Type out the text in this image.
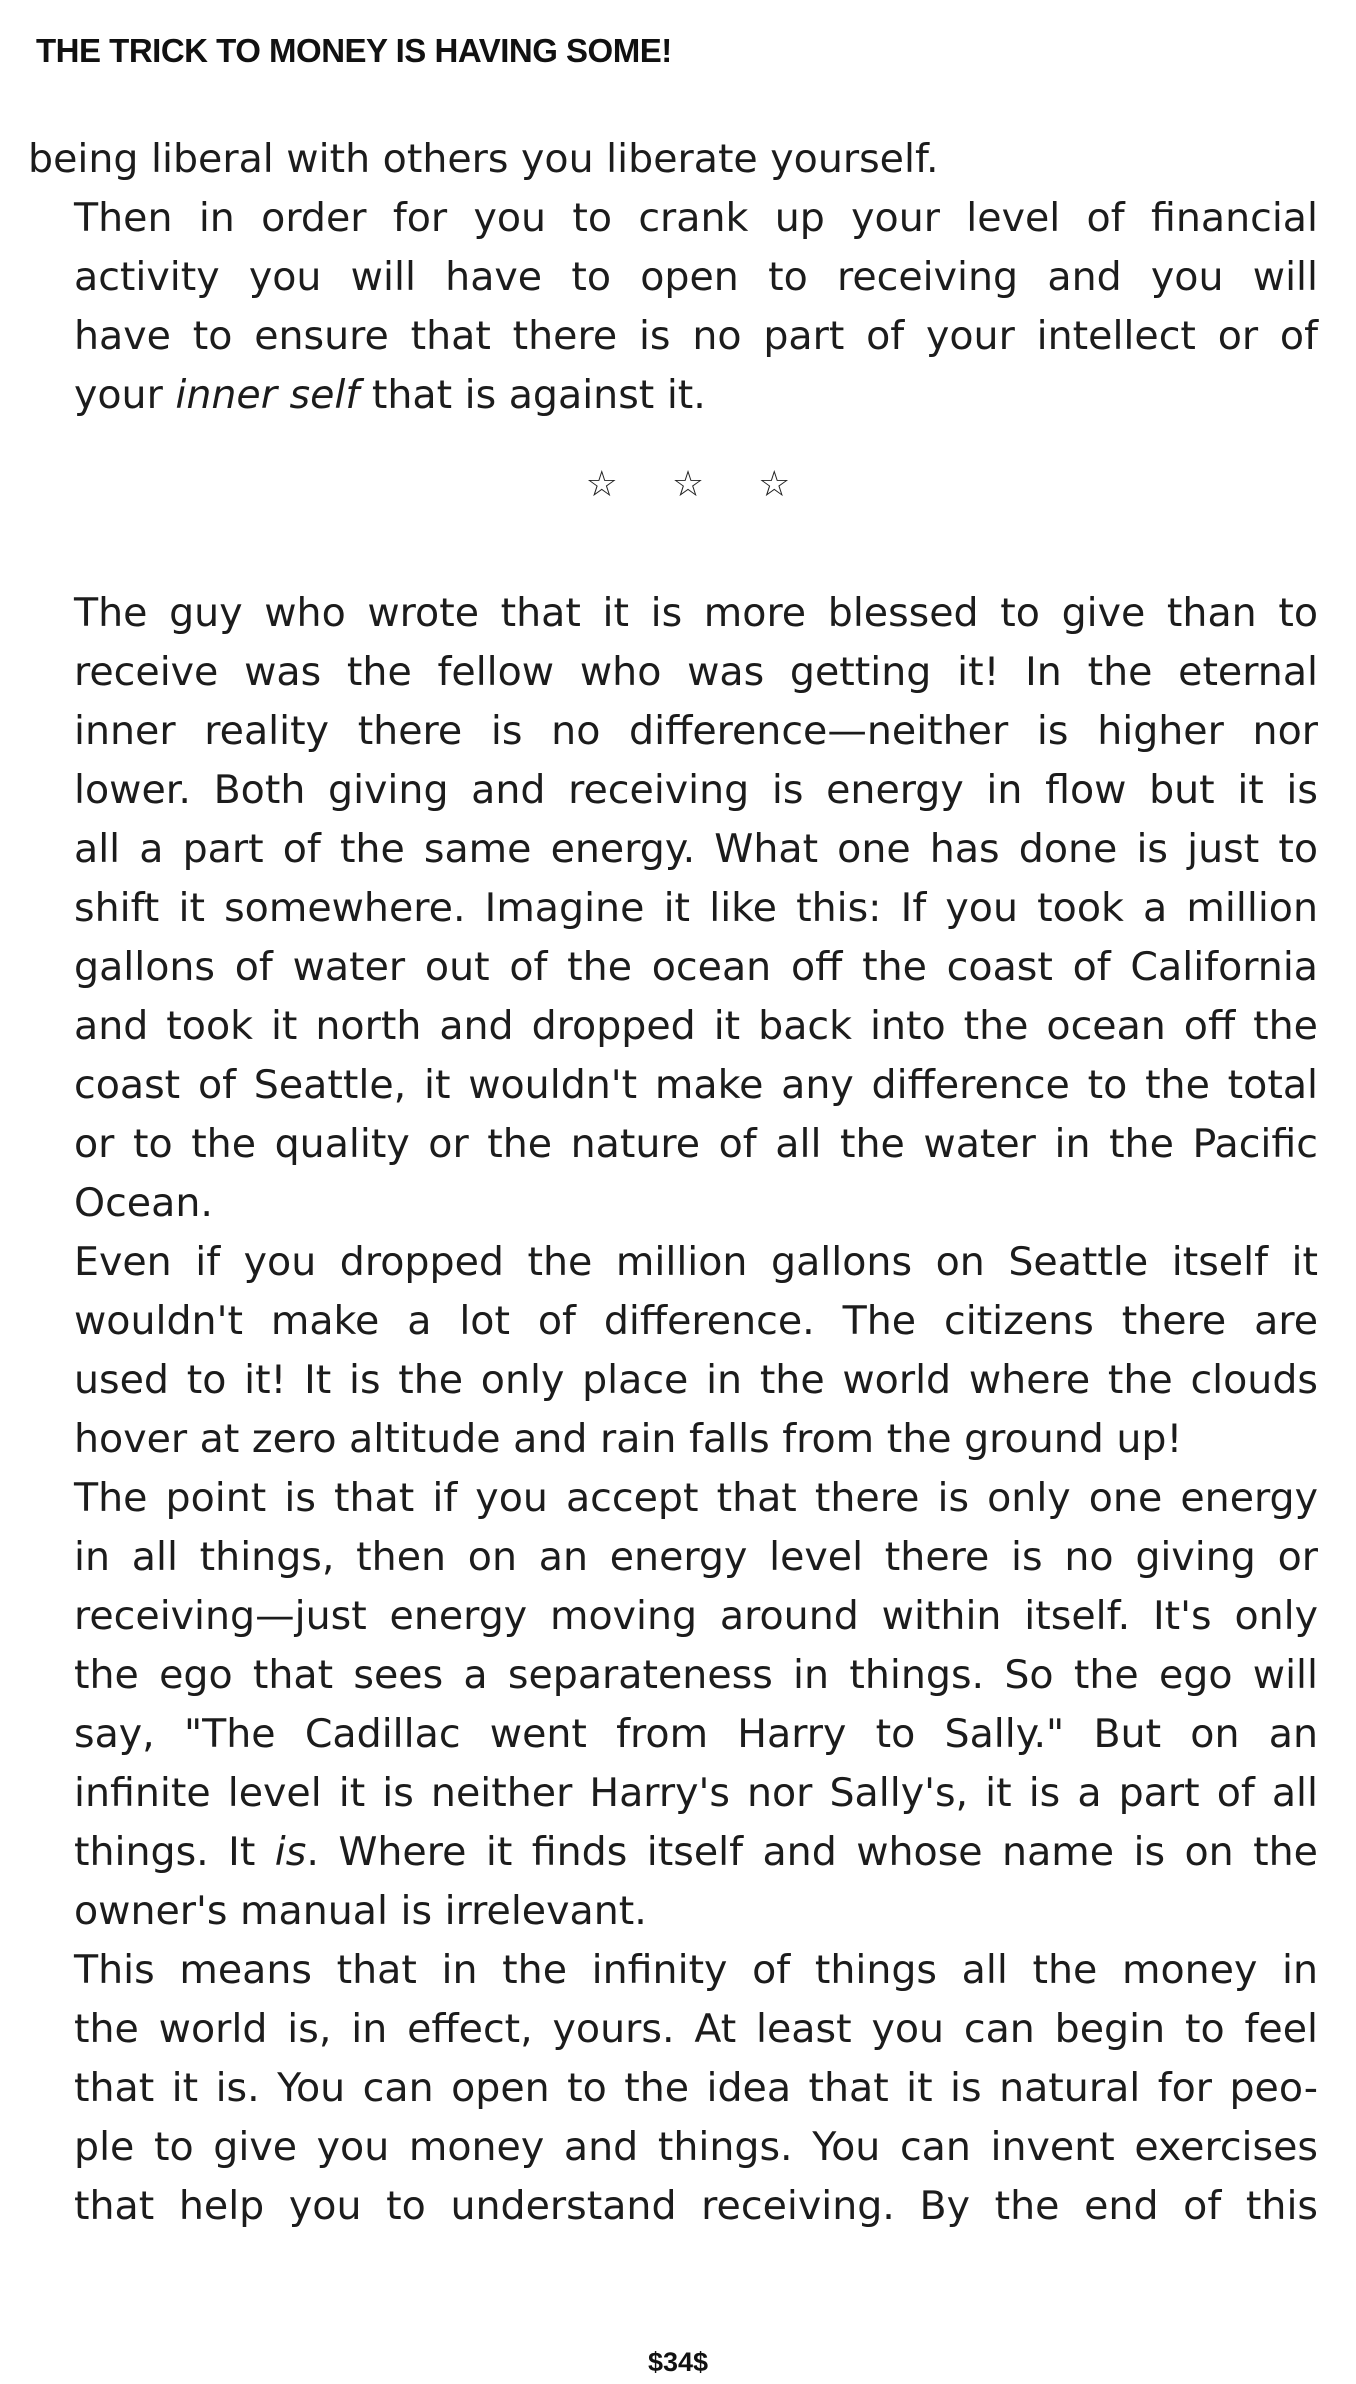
THE TRICK TO MONEY IS HAVING SOME!

being liberal with others you liberate yourself.

Then in order for you to crank up your level of financial
activity you will have to open to receiving and you will
have to ensure that there is no part of your intellect or of
your inner self that is against it.

☆ ☆ ☆

The guy who wrote that it is more blessed to give than to
receive was the fellow who was getting it! In the eternal
inner reality there is no difference—neither is higher nor
lower. Both giving and receiving is energy in flow but it is
all a part of the same energy. What one has done is just to
shift it somewhere. Imagine it like this: If you took a million
gallons of water out of the ocean off the coast of California
and took it north and dropped it back into the ocean off the
coast of Seattle, it wouldn't make any difference to the total
or to the quality or the nature of all the water in the Pacific
Ocean.

Even if you dropped the million gallons on Seattle itself it
wouldn't make a lot of difference. The citizens there are
used to it! It is the only place in the world where the clouds
hover at zero altitude and rain falls from the ground up!

The point is that if you accept that there is only one energy
in all things, then on an energy level there is no giving or
receiving—just energy moving around within itself. It's only
the ego that sees a separateness in things. So the ego will
say, "The Cadillac went from Harry to Sally." But on an
infinite level it is neither Harry's nor Sally's, it is a part of all
things. It is. Where it finds itself and whose name is on the
owner's manual is irrelevant.

This means that in the infinity of things all the money in
the world is, in effect, yours. At least you can begin to feel
that it is. You can open to the idea that it is natural for peo-
ple to give you money and things. You can invent exercises
that help you to understand receiving. By the end of this

$34$
